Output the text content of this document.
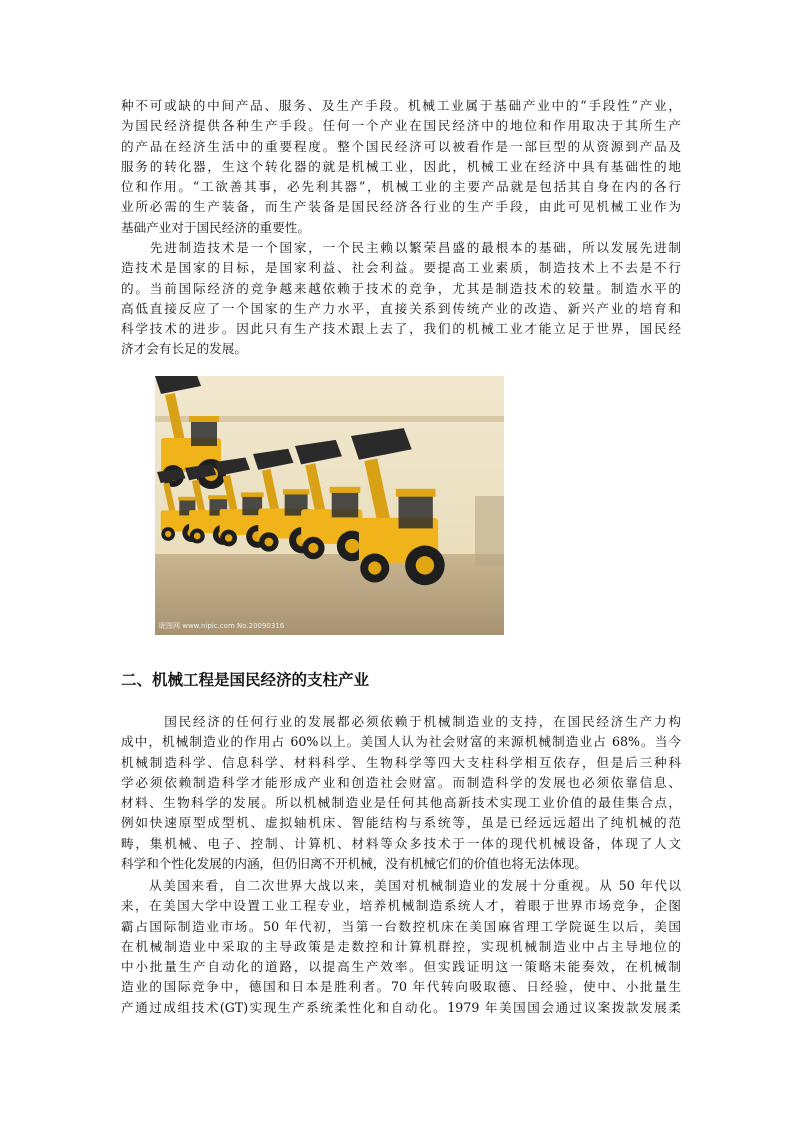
种不可或缺的中间产品、服务、及生产手段。机械工业属于基础产业中的“手段性”产业，
为国民经济提供各种生产手段。任何一个产业在国民经济中的地位和作用取决于其所生产
的产品在经济生活中的重要程度。整个国民经济可以被看作是一部巨型的从资源到产品及
服务的转化器，生这个转化器的就是机械工业，因此，机械工业在经济中具有基础性的地
位和作用。“工欲善其事，必先利其器”，机械工业的主要产品就是包括其自身在内的各行
业所必需的生产装备，而生产装备是国民经济各行业的生产手段，由此可见机械工业作为
基础产业对于国民经济的重要性。
　　先进制造技术是一个国家，一个民主赖以繁荣昌盛的最根本的基础，所以发展先进制
造技术是国家的目标，是国家利益、社会利益。要提高工业素质，制造技术上不去是不行
的。当前国际经济的竞争越来越依赖于技术的竞争，尤其是制造技术的较量。制造水平的
高低直接反应了一个国家的生产力水平，直接关系到传统产业的改造、新兴产业的培育和
科学技术的进步。因此只有生产技术跟上去了，我们的机械工业才能立足于世界，国民经
济才会有长足的发展。
昵图网 www.nipic.com No.20090316
二、机械工程是国民经济的支柱产业
　　　国民经济的任何行业的发展都必须依赖于机械制造业的支持，在国民经济生产力构
成中，机械制造业的作用占 60%以上。美国人认为社会财富的来源机械制造业占 68%。当今
机械制造科学、信息科学、材料科学、生物科学等四大支柱科学相互依存，但是后三种科
学必须依赖制造科学才能形成产业和创造社会财富。而制造科学的发展也必须依靠信息、
材料、生物科学的发展。所以机械制造业是任何其他高新技术实现工业价值的最佳集合点，
例如快速原型成型机、虚拟轴机床、智能结构与系统等，虽是已经远远超出了纯机械的范
畴，集机械、电子、控制、计算机、材料等众多技术于一体的现代机械设备，体现了人文
科学和个性化发展的内涵，但仍旧离不开机械，没有机械它们的价值也将无法体现。
　　从美国来看，自二次世界大战以来，美国对机械制造业的发展十分重视。从 50 年代以
来，在美国大学中设置工业工程专业，培养机械制造系统人才，着眼于世界市场竞争，企图
霸占国际制造业市场。50 年代初，当第一台数控机床在美国麻省理工学院诞生以后，美国
在机械制造业中采取的主导政策是走数控和计算机群控，实现机械制造业中占主导地位的
中小批量生产自动化的道路，以提高生产效率。但实践证明这一策略未能奏效，在机械制
造业的国际竞争中，德国和日本是胜利者。70 年代转向吸取德、日经验，使中、小批量生
产通过成组技术(GT)实现生产系统柔性化和自动化。1979 年美国国会通过议案拨款发展柔
